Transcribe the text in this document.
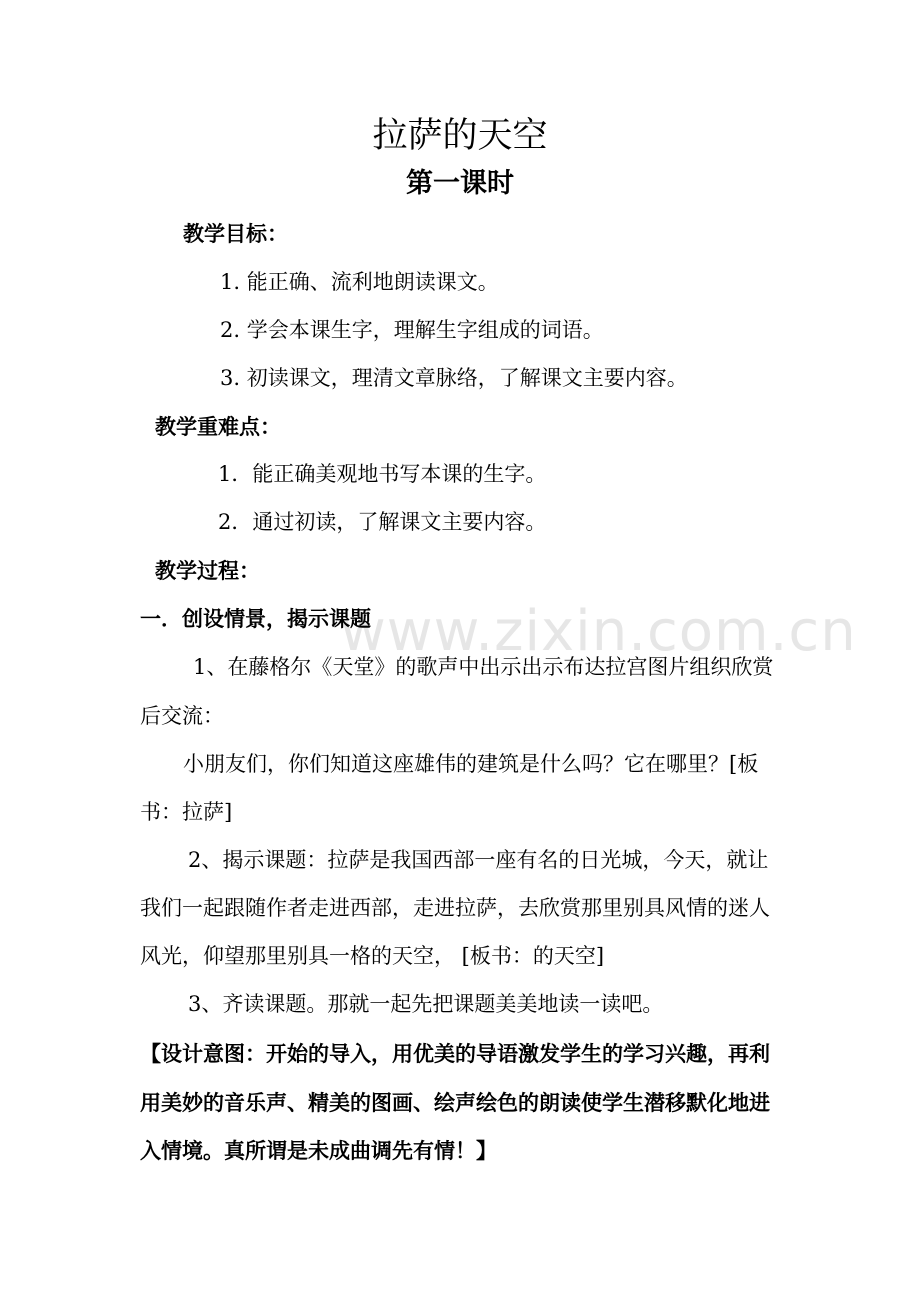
www.zixin.com.cn
拉萨的天空
第一课时
教学目标：
1. 能正确、流利地朗读课文。
2. 学会本课生字，理解生字组成的词语。
3. 初读课文，理清文章脉络，了解课文主要内容。
教学重难点：
1．能正确美观地书写本课的生字。
2．通过初读，了解课文主要内容。
教学过程：
一．创设情景，揭示课题
1、在藤格尔《天堂》的歌声中出示出示布达拉宫图片组织欣赏
后交流：
小朋友们，你们知道这座雄伟的建筑是什么吗？它在哪里？[板
书：拉萨]
2、揭示课题：拉萨是我国西部一座有名的日光城，今天，就让
我们一起跟随作者走进西部，走进拉萨，去欣赏那里别具风情的迷人
风光，仰望那里别具一格的天空， [板书：的天空]
3、齐读课题。那就一起先把课题美美地读一读吧。
【设计意图：开始的导入，用优美的导语激发学生的学习兴趣，再利
用美妙的音乐声、精美的图画、绘声绘色的朗读使学生潜移默化地进
入情境。真所谓是未成曲调先有情！】
